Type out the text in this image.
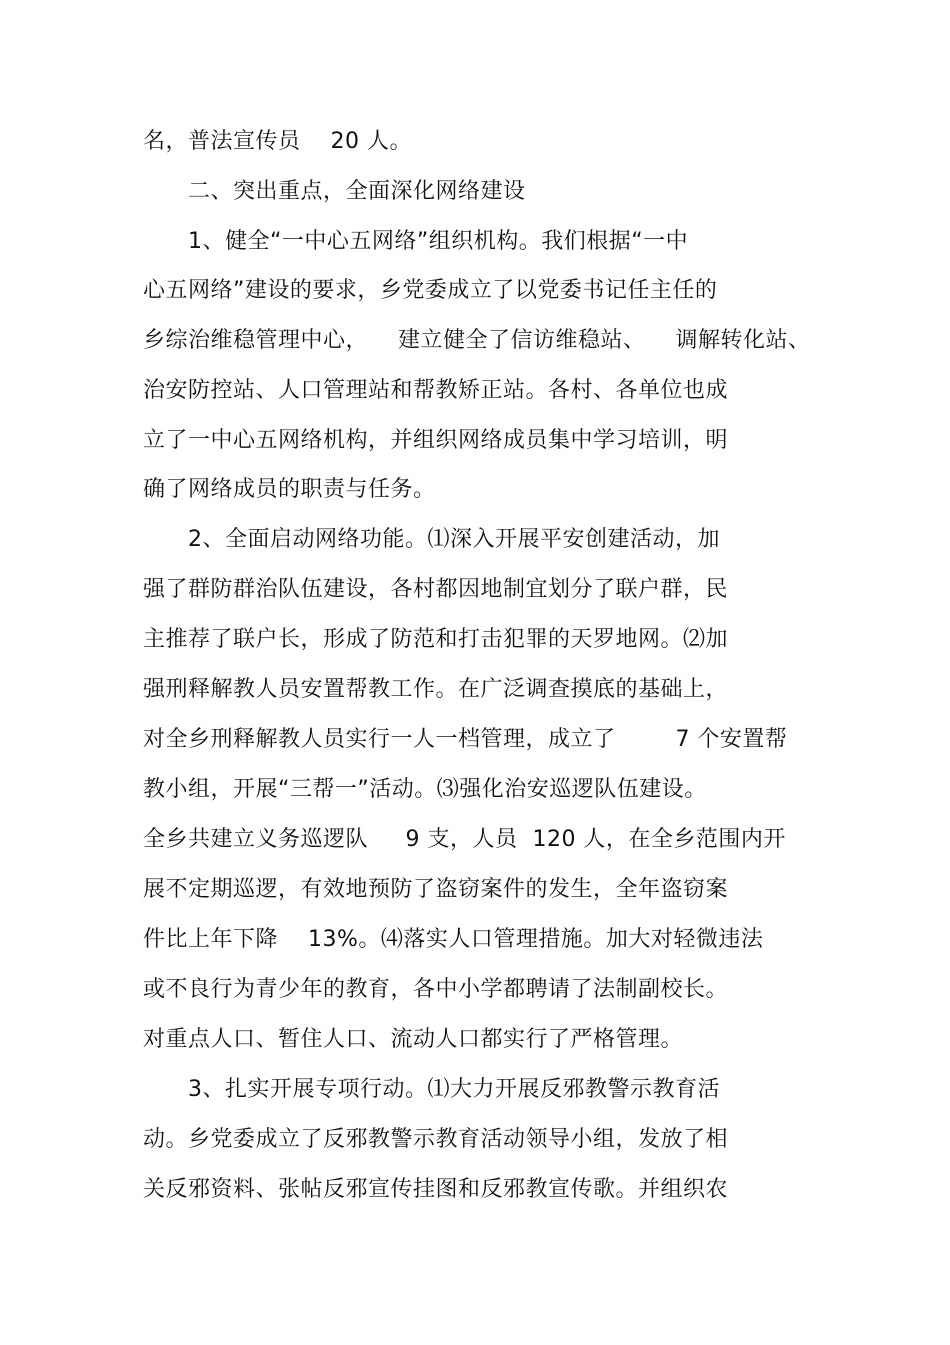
名，普法宣传员    20 人。
二、突出重点，全面深化网络建设
1、健全“一中心五网络”组织机构。我们根据“一中
心五网络”建设的要求，乡党委成立了以党委书记任主任的
乡综治维稳管理中心，    建立健全了信访维稳站、    调解转化站、
治安防控站、人口管理站和帮教矫正站。各村、各单位也成
立了一中心五网络机构，并组织网络成员集中学习培训，明
确了网络成员的职责与任务。
2、全面启动网络功能。⑴深入开展平安创建活动，加
强了群防群治队伍建设，各村都因地制宜划分了联户群，民
主推荐了联户长，形成了防范和打击犯罪的天罗地网。⑵加
强刑释解教人员安置帮教工作。在广泛调查摸底的基础上，
对全乡刑释解教人员实行一人一档管理，成立了        7 个安置帮
教小组，开展“三帮一”活动。⑶强化治安巡逻队伍建设。
全乡共建立义务巡逻队     9 支，人员  120 人，在全乡范围内开
展不定期巡逻，有效地预防了盗窃案件的发生，全年盗窃案
件比上年下降    13%。⑷落实人口管理措施。加大对轻微违法
或不良行为青少年的教育，各中小学都聘请了法制副校长。
对重点人口、暂住人口、流动人口都实行了严格管理。
3、扎实开展专项行动。⑴大力开展反邪教警示教育活
动。乡党委成立了反邪教警示教育活动领导小组，发放了相
关反邪资料、张帖反邪宣传挂图和反邪教宣传歌。并组织农
